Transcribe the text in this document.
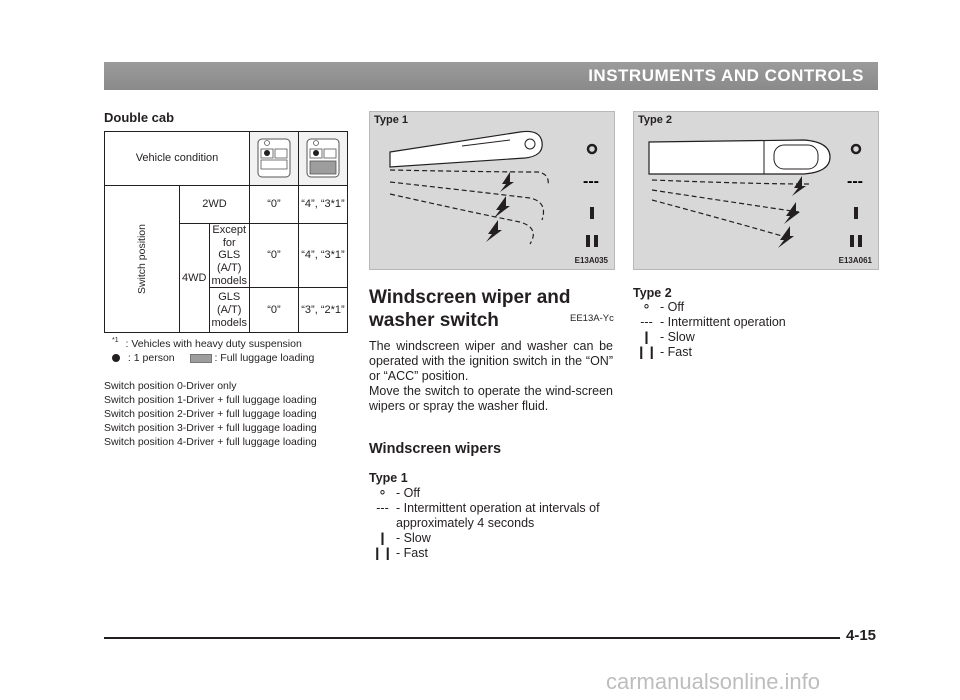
INSTRUMENTS AND CONTROLS
Double cab
Vehicle condition		
Switch position	2WD		“0”	“4”, “3*1”
	4WD	Except for GLS (A/T) models	“0”	“4”, “3*1”
		GLS (A/T) models	“0”	“3”, “2*1”
$^{*1}$ : Vehicles with heavy duty suspension
: 1 person	: Full luggage loading
Switch position 0-Driver only
Switch position 1-Driver + full luggage loading
Switch position 2-Driver + full luggage loading
Switch position 3-Driver + full luggage loading
Switch position 4-Driver + full luggage loading
Type 1
---
E13A035
Windscreen wiper and
washer switch	EE13A-Yc
The windscreen wiper and washer can be operated with the ignition switch in the “ON” or “ACC” position.
Move the switch to operate the wind-screen wipers or spray the washer fluid.
Windscreen wipers
Type 1
⚬ - Off
--- - Intermittent operation at intervals of approximately 4 seconds
❙ - Slow
❙❙ - Fast
Type 2
---
E13A061
Type 2
⚬ - Off
--- - Intermittent operation
❙ - Slow
❙❙ - Fast
4-15
carmanualsonline.info
